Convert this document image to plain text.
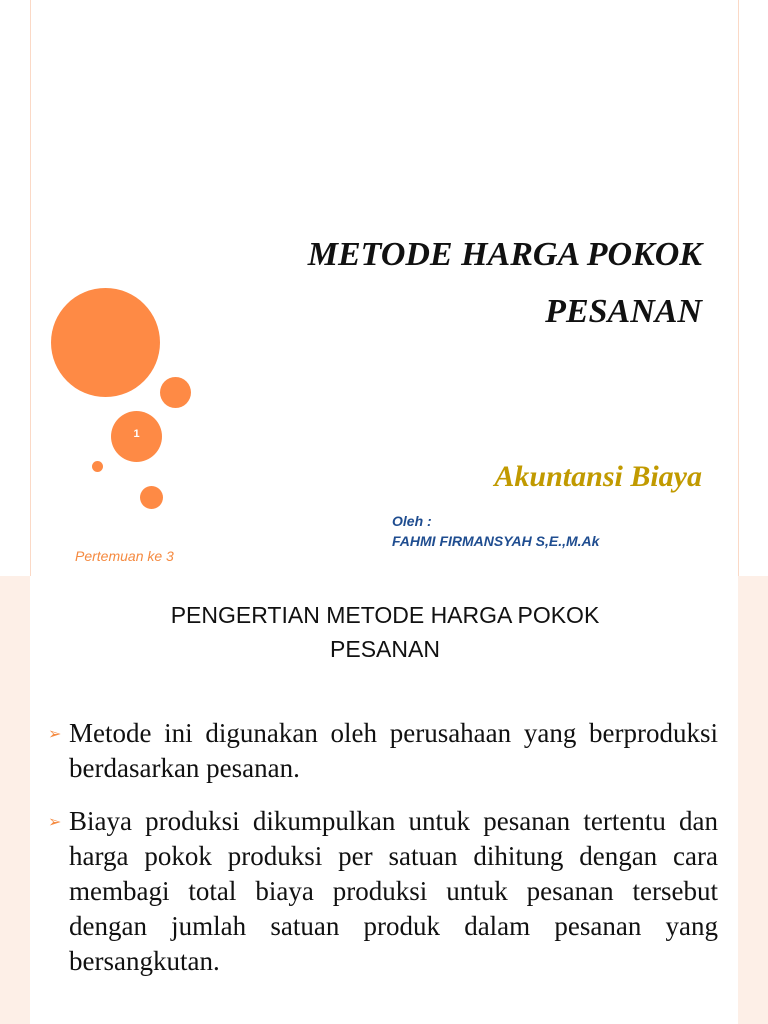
1
METODE HARGA POKOK
PESANAN
Akuntansi Biaya
Oleh :
FAHMI FIRMANSYAH S,E.,M.Ak
Pertemuan ke 3
PENGERTIAN METODE HARGA POKOK
PESANAN
➢ Metode ini digunakan oleh perusahaan yang berproduksi berdasarkan pesanan.
➢ Biaya produksi dikumpulkan untuk pesanan tertentu dan harga pokok produksi per satuan dihitung dengan cara membagi total biaya produksi untuk pesanan tersebut dengan jumlah satuan produk dalam pesanan yang bersangkutan.
